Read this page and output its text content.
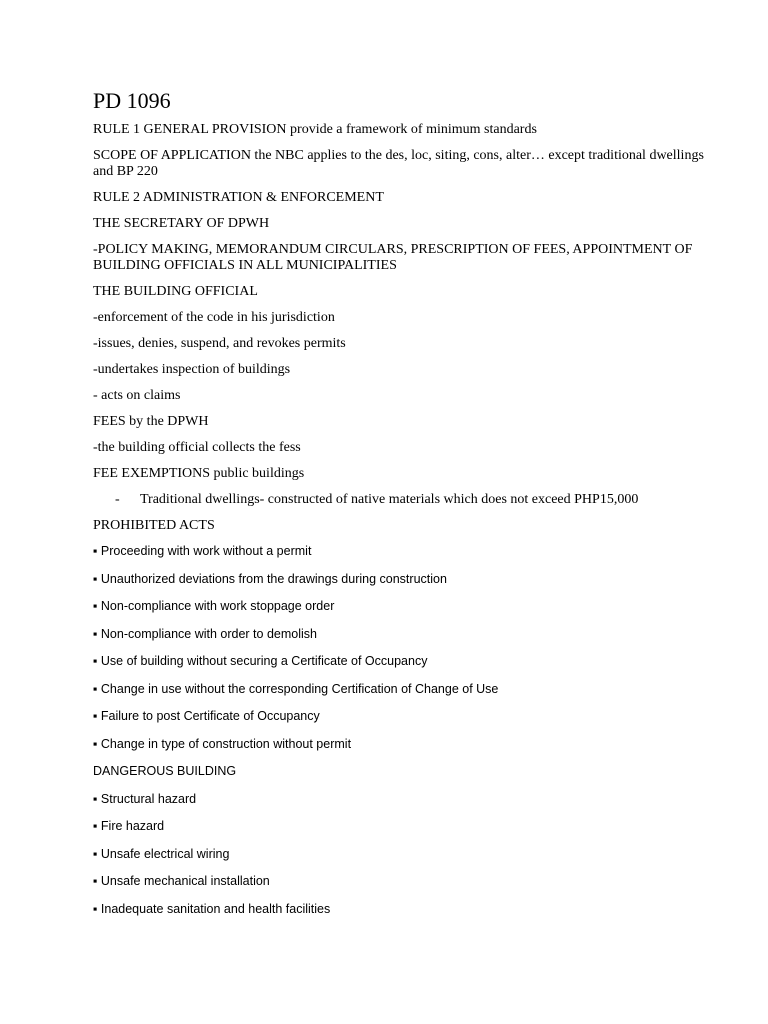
PD 1096

RULE 1 GENERAL PROVISION provide a framework of minimum standards

SCOPE OF APPLICATION the NBC applies to the des, loc, siting, cons, alter… except traditional dwellings and BP 220

RULE 2 ADMINISTRATION & ENFORCEMENT

THE SECRETARY OF DPWH

-POLICY MAKING, MEMORANDUM CIRCULARS, PRESCRIPTION OF FEES, APPOINTMENT OF BUILDING OFFICIALS IN ALL MUNICIPALITIES

THE BUILDING OFFICIAL

-enforcement of the code in his jurisdiction

-issues, denies, suspend, and revokes permits

-undertakes inspection of buildings

- acts on claims

FEES by the DPWH

-the building official collects the fess

FEE EXEMPTIONS public buildings

-	Traditional dwellings- constructed of native materials which does not exceed PHP15,000

PROHIBITED ACTS

▪ Proceeding with work without a permit

▪ Unauthorized deviations from the drawings during construction

▪ Non-compliance with work stoppage order

▪ Non-compliance with order to demolish

▪ Use of building without securing a Certificate of Occupancy

▪ Change in use without the corresponding Certification of Change of Use

▪ Failure to post Certificate of Occupancy

▪ Change in type of construction without permit

DANGEROUS BUILDING

▪ Structural hazard

▪ Fire hazard

▪ Unsafe electrical wiring

▪ Unsafe mechanical installation

▪ Inadequate sanitation and health facilities
